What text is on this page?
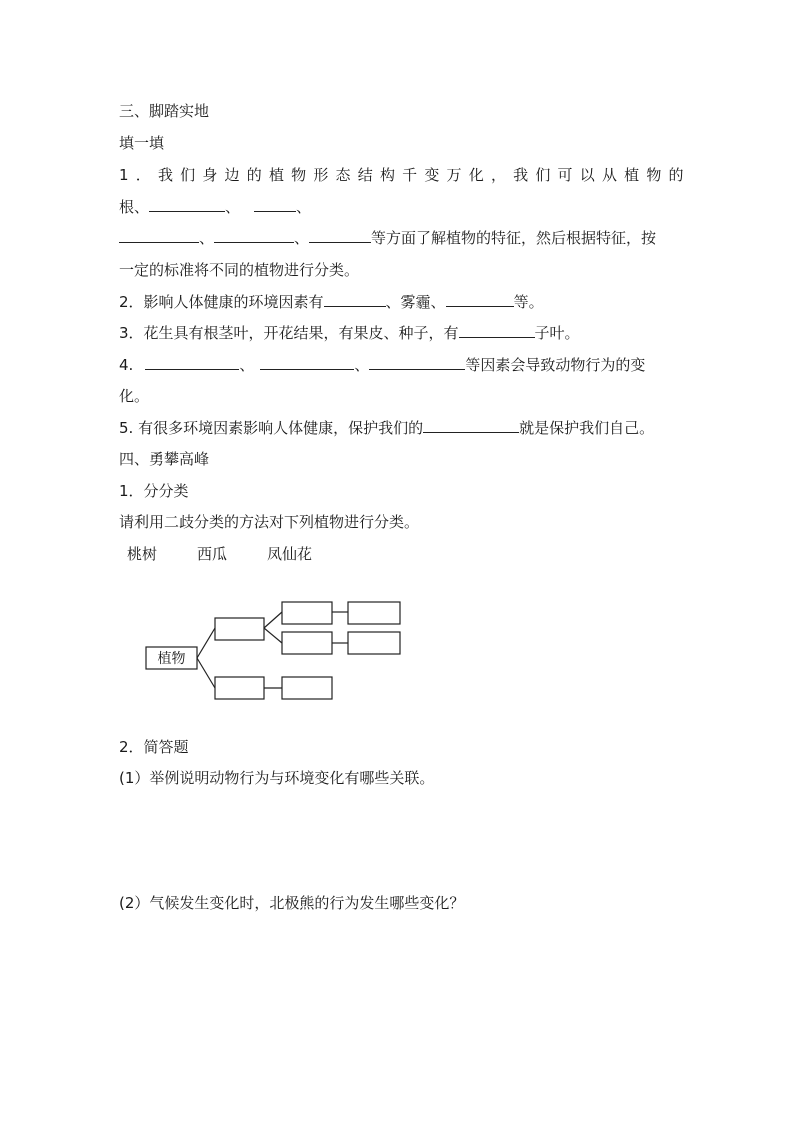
三、脚踏实地
填一填
1．我们身边的植物形态结构千变万化，我们可以从植物的
根、	、	、
、	、	等方面了解植物的特征，然后根据特征，按
一定的标准将不同的植物进行分类。
2．影响人体健康的环境因素有	、雾霾、	等。
3．花生具有根茎叶，开花结果，有果皮、种子，有	子叶。
4.	、	、	等因素会导致动物行为的变
化。
5. 有很多环境因素影响人体健康，保护我们的	就是保护我们自己。
四、勇攀高峰
1．分分类
请利用二歧分类的方法对下列植物进行分类。
桃树	西瓜	凤仙花
植物
2．简答题
(1）举例说明动物行为与环境变化有哪些关联。
(2）气候发生变化时，北极熊的行为发生哪些变化？
